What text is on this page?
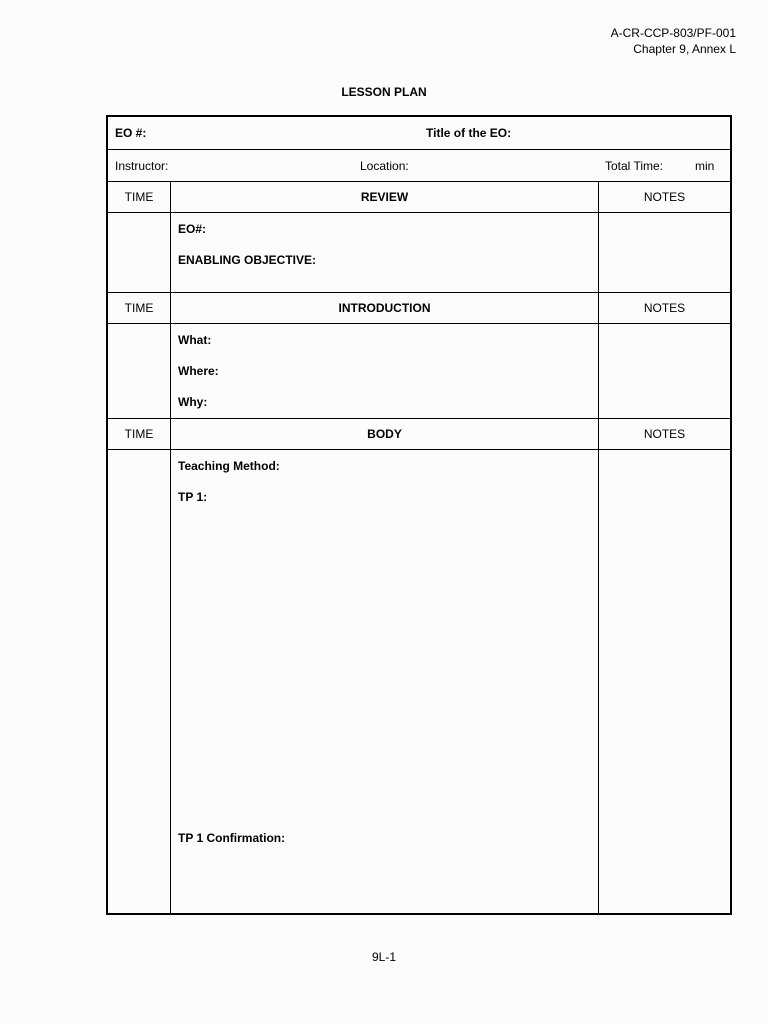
A-CR-CCP-803/PF-001
Chapter 9, Annex L
LESSON PLAN
EO #:	Title of the EO:
Instructor:	Location:	Total Time:	min
TIME	REVIEW	NOTES
EO#:
ENABLING OBJECTIVE:
TIME	INTRODUCTION	NOTES
What:
Where:
Why:
TIME	BODY	NOTES
Teaching Method:
TP 1:
TP 1 Confirmation:
9L-1
